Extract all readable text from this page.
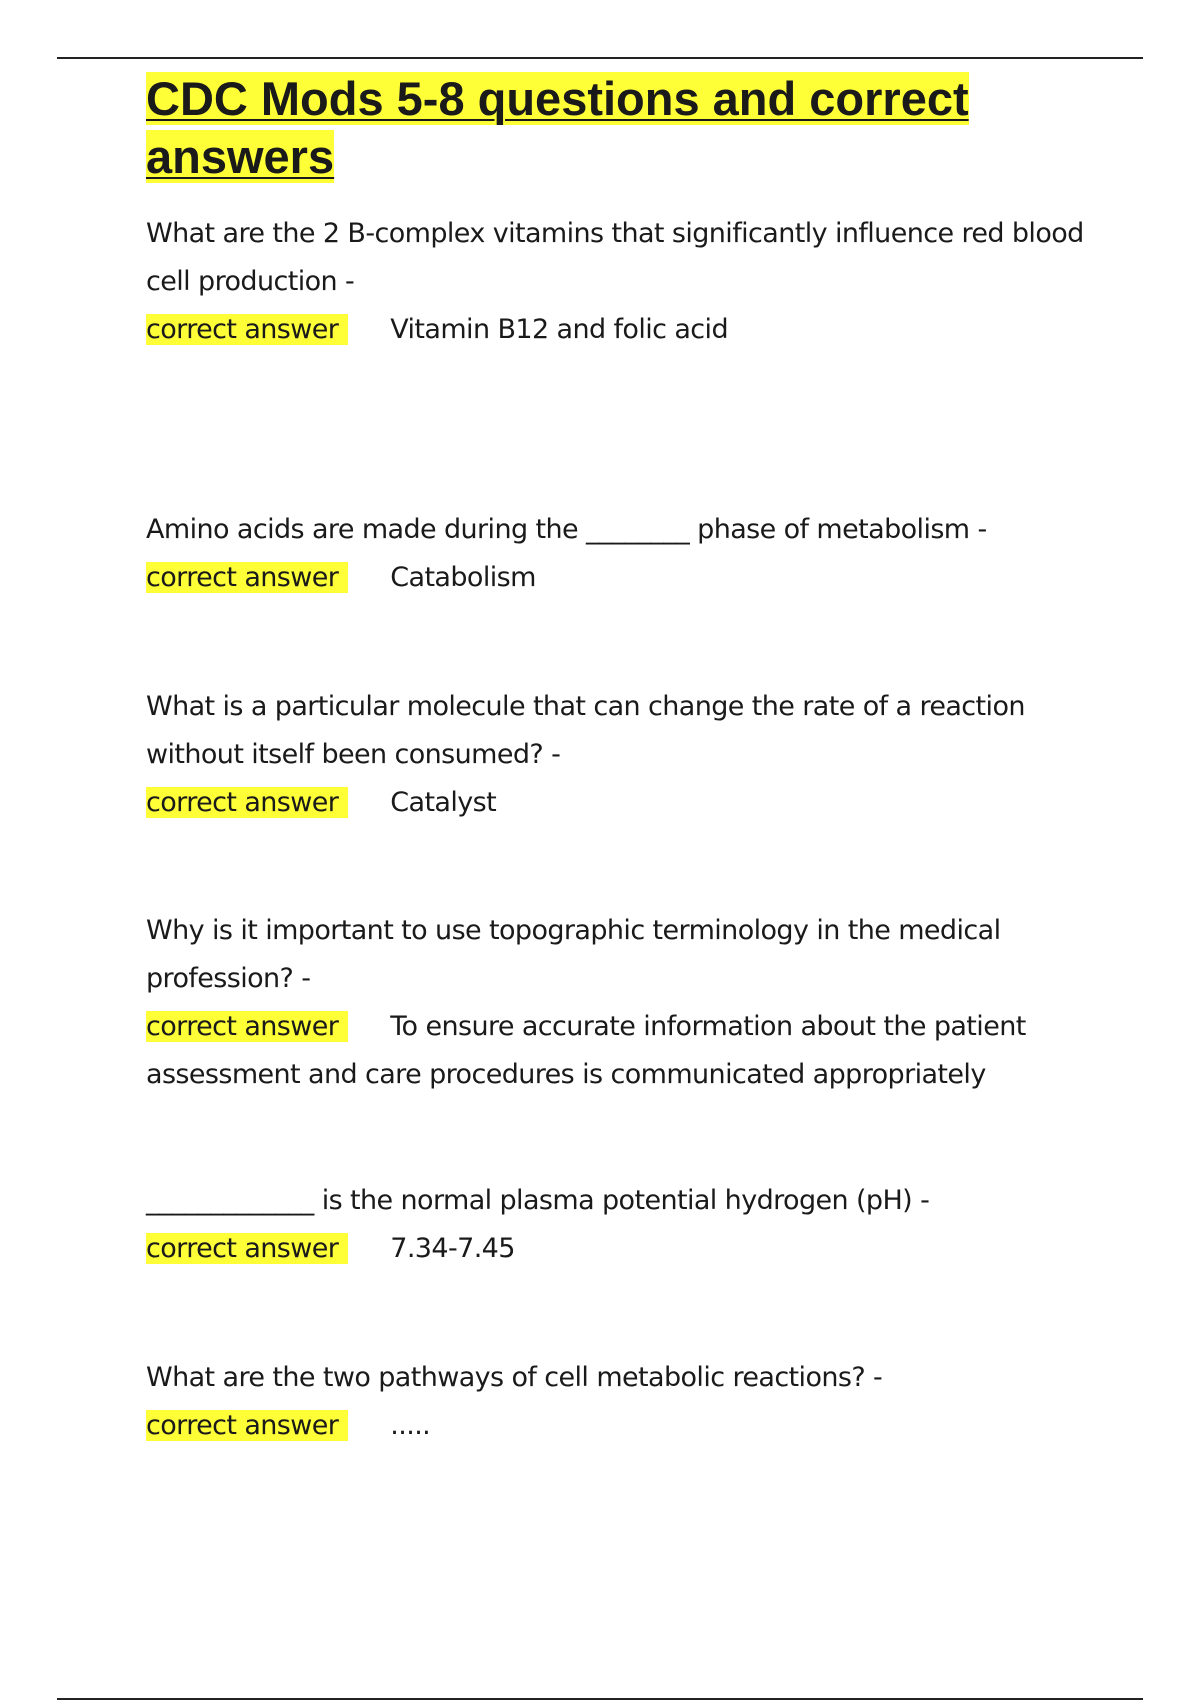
CDC Mods 5-8 questions and correct answers

What are the 2 B-complex vitamins that significantly influence red blood cell production -

correct answer Vitamin B12 and folic acid

Amino acids are made during the ________ phase of metabolism -

correct answer Catabolism

What is a particular molecule that can change the rate of a reaction without itself been consumed? -

correct answer Catalyst

Why is it important to use topographic terminology in the medical profession? -

correct answer To ensure accurate information about the patient assessment and care procedures is communicated appropriately

_____________ is the normal plasma potential hydrogen (pH) -

correct answer 7.34-7.45

What are the two pathways of cell metabolic reactions? -

correct answer .....
